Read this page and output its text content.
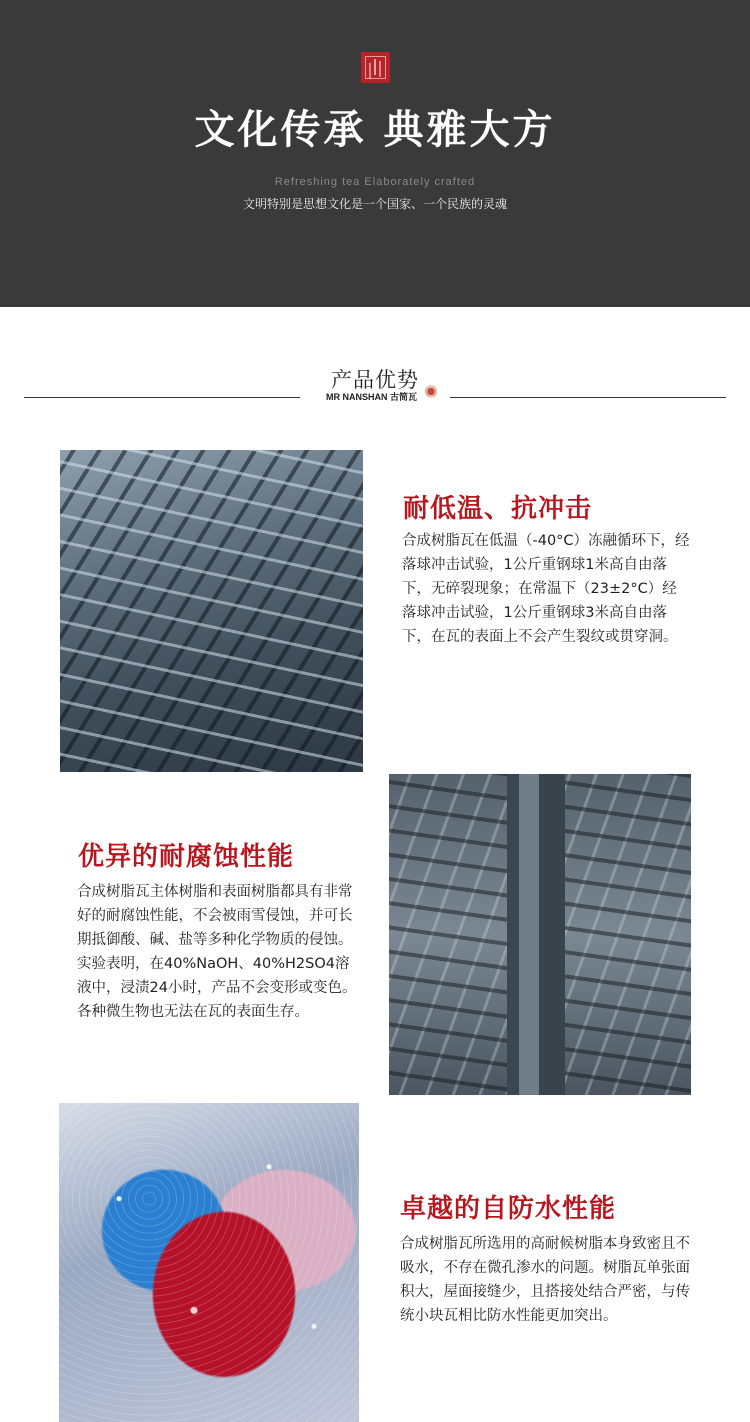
文化传承 典雅大方
Refreshing tea Elaborately crafted
文明特别是思想文化是一个国家、一个民族的灵魂
产品优势
MR NANSHAN 古简瓦
耐低温、抗冲击
合成树脂瓦在低温（-40°C）冻融循环下，经落球冲击试验，1公斤重钢球1米高自由落下，无碎裂现象；在常温下（23±2°C）经落球冲击试验，1公斤重钢球3米高自由落下，在瓦的表面上不会产生裂纹或贯穿洞。
优异的耐腐蚀性能
合成树脂瓦主体树脂和表面树脂都具有非常好的耐腐蚀性能，不会被雨雪侵蚀，并可长期抵御酸、碱、盐等多种化学物质的侵蚀。实验表明，在40%NaOH、40%H2SO4溶液中，浸渍24小时，产品不会变形或变色。各种微生物也无法在瓦的表面生存。
卓越的自防水性能
合成树脂瓦所选用的高耐候树脂本身致密且不吸水，不存在微孔渗水的问题。树脂瓦单张面积大，屋面接缝少，且搭接处结合严密，与传统小块瓦相比防水性能更加突出。
